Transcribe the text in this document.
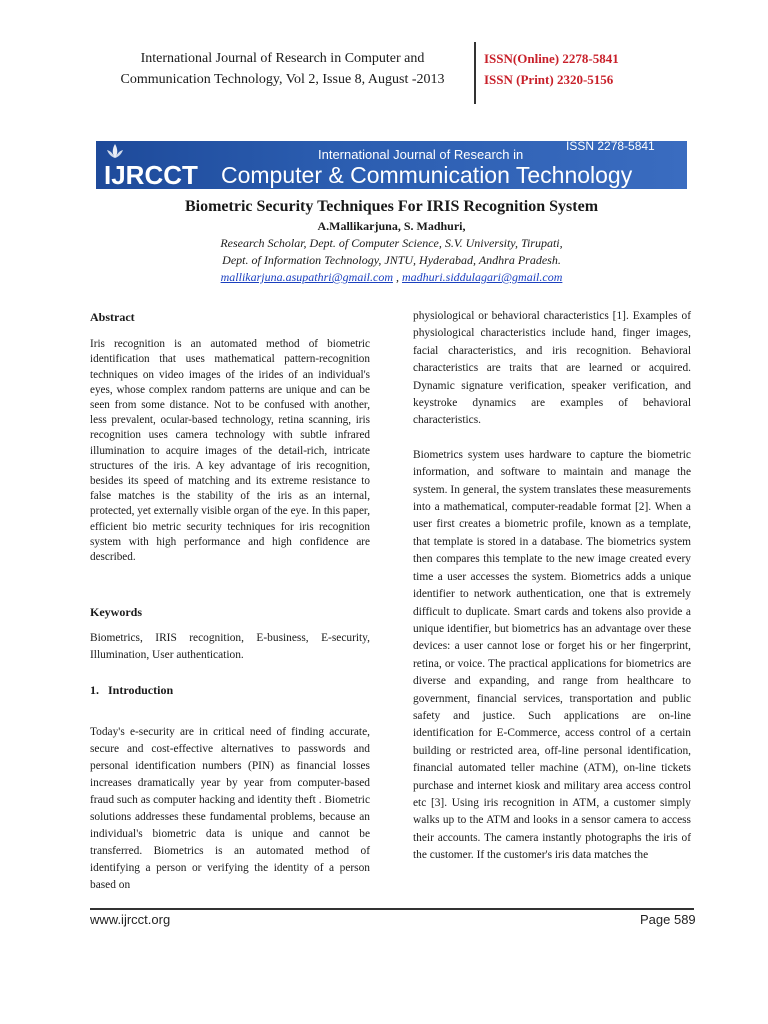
International Journal of Research in Computer and
Communication Technology, Vol 2, Issue 8, August -2013
ISSN(Online) 2278-5841
ISSN (Print) 2320-5156
IJRCCT
International Journal of Research in
Computer & Communication Technology
ISSN 2278-5841
Biometric Security Techniques For IRIS Recognition System
A.Mallikarjuna, S. Madhuri,
Research Scholar, Dept. of Computer Science, S.V. University, Tirupati,
Dept. of Information Technology, JNTU, Hyderabad, Andhra Pradesh.
mallikarjuna.asupathri@gmail.com , madhuri.siddulagari@gmail.com

Abstract

Iris recognition is an automated method of biometric identification that uses mathematical pattern-recognition techniques on video images of the irides of an individual's eyes, whose complex random patterns are unique and can be seen from some distance. Not to be confused with another, less prevalent, ocular-based technology, retina scanning, iris recognition uses camera technology with subtle infrared illumination to acquire images of the detail-rich, intricate structures of the iris. A key advantage of iris recognition, besides its speed of matching and its extreme resistance to false matches is the stability of the iris as an internal, protected, yet externally visible organ of the eye. In this paper, efficient bio metric security techniques for iris recognition system with high performance and high confidence are described.

Keywords

Biometrics, IRIS recognition, E-business, E-security, Illumination, User authentication.

1. Introduction

Today's e-security are in critical need of finding accurate, secure and cost-effective alternatives to passwords and personal identification numbers (PIN) as financial losses increases dramatically year by year from computer-based fraud such as computer hacking and identity theft . Biometric solutions addresses these fundamental problems, because an individual's biometric data is unique and cannot be transferred. Biometrics is an automated method of identifying a person or verifying the identity of a person based on

physiological or behavioral characteristics [1]. Examples of physiological characteristics include hand, finger images, facial characteristics, and iris recognition. Behavioral characteristics are traits that are learned or acquired. Dynamic signature verification, speaker verification, and keystroke dynamics are examples of behavioral characteristics.

Biometrics system uses hardware to capture the biometric information, and software to maintain and manage the system. In general, the system translates these measurements into a mathematical, computer-readable format [2]. When a user first creates a biometric profile, known as a template, that template is stored in a database. The biometrics system then compares this template to the new image created every time a user accesses the system. Biometrics adds a unique identifier to network authentication, one that is extremely difficult to duplicate. Smart cards and tokens also provide a unique identifier, but biometrics has an advantage over these devices: a user cannot lose or forget his or her fingerprint, retina, or voice. The practical applications for biometrics are diverse and expanding, and range from healthcare to government, financial services, transportation and public safety and justice. Such applications are on-line identification for E-Commerce, access control of a certain building or restricted area, off-line personal identification, financial automated teller machine (ATM), on-line tickets purchase and internet kiosk and military area access control etc [3]. Using iris recognition in ATM, a customer simply walks up to the ATM and looks in a sensor camera to access their accounts. The camera instantly photographs the iris of the customer. If the customer's iris data matches the

www.ijrcct.org	Page 589
